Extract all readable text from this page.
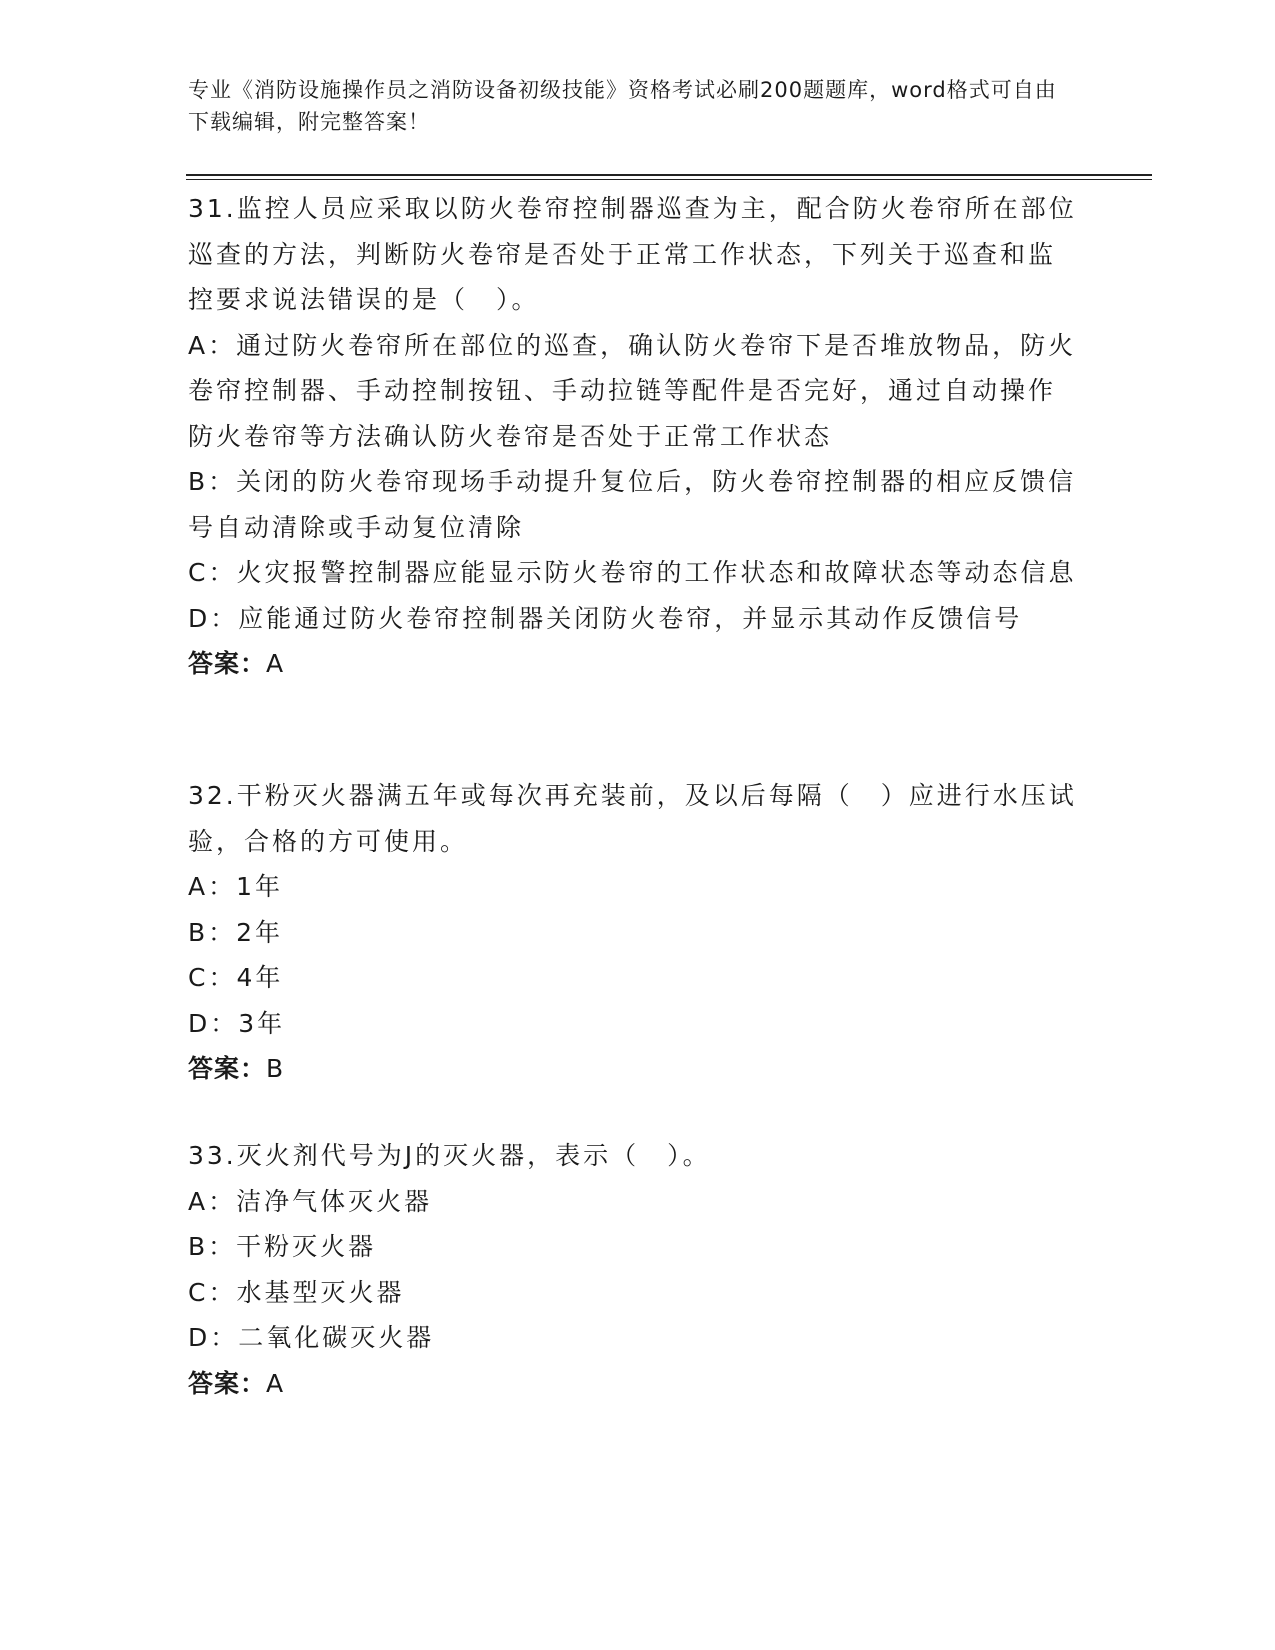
专业《消防设施操作员之消防设备初级技能》资格考试必刷200题题库，word格式可自由下载编辑，附完整答案！

31.监控人员应采取以防火卷帘控制器巡查为主，配合防火卷帘所在部位巡查的方法，判断防火卷帘是否处于正常工作状态，下列关于巡查和监控要求说法错误的是（　）。

A：通过防火卷帘所在部位的巡查，确认防火卷帘下是否堆放物品，防火卷帘控制器、手动控制按钮、手动拉链等配件是否完好，通过自动操作防火卷帘等方法确认防火卷帘是否处于正常工作状态

B：关闭的防火卷帘现场手动提升复位后，防火卷帘控制器的相应反馈信号自动清除或手动复位清除

C：火灾报警控制器应能显示防火卷帘的工作状态和故障状态等动态信息

D：应能通过防火卷帘控制器关闭防火卷帘，并显示其动作反馈信号

答案：A

32.干粉灭火器满五年或每次再充装前，及以后每隔（　）应进行水压试验，合格的方可使用。

A：1年

B：2年

C：4年

D：3年

答案：B

33.灭火剂代号为J的灭火器，表示（　）。

A：洁净气体灭火器

B：干粉灭火器

C：水基型灭火器

D：二氧化碳灭火器

答案：A
